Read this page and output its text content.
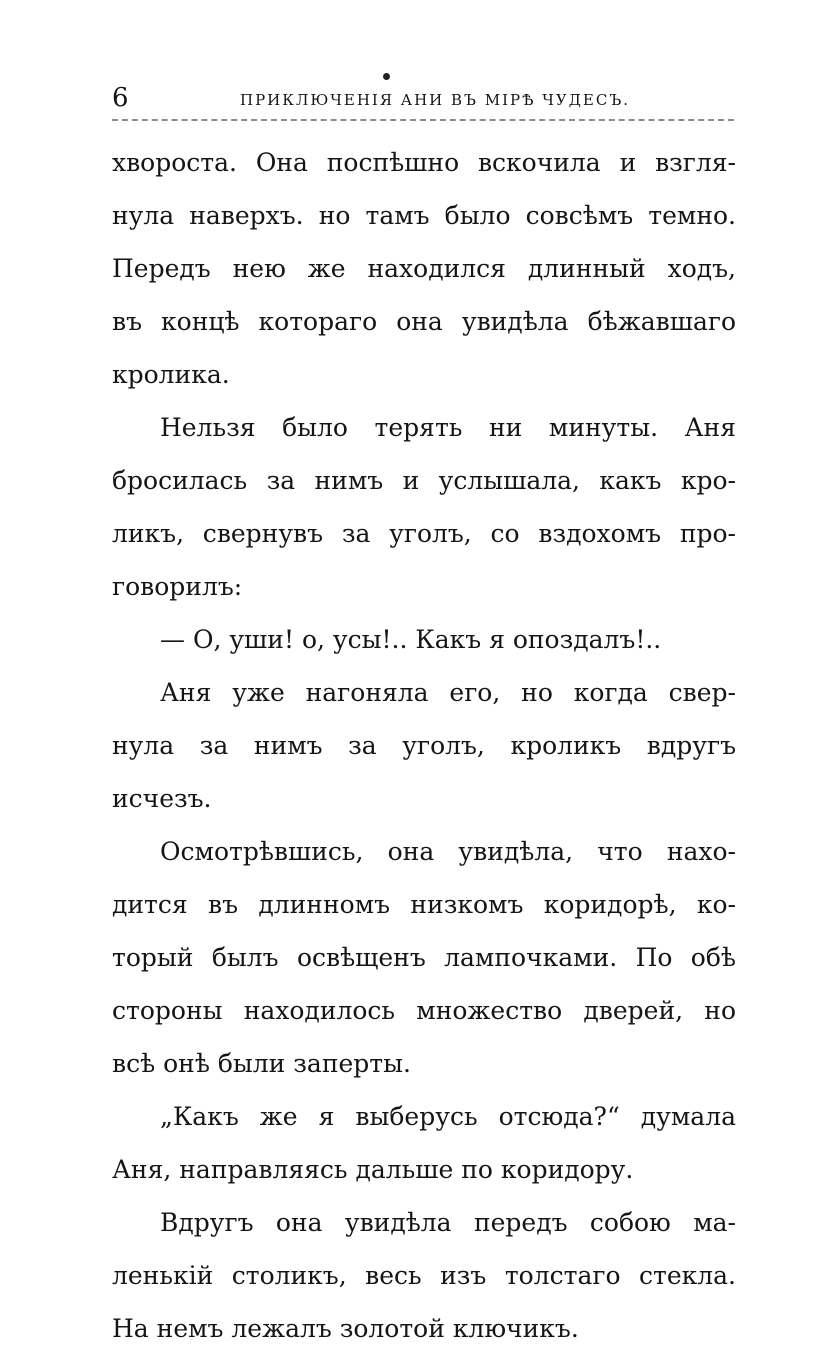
6	ПРИКЛЮЧЕНІЯ АНИ ВЪ МІРѢ ЧУДЕСЪ.
хвороста. Она поспѣшно вскочила и взгля-
нула наверхъ. но тамъ было совсѣмъ темно.
Передъ нею же находился длинный ходъ,
въ концѣ котораго она увидѣла бѣжавшаго
кролика.
Нельзя было терять ни минуты. Аня
бросилась за нимъ и услышала, какъ кро-
ликъ, свернувъ за уголъ, со вздохомъ про-
говорилъ:
— О, уши! о, усы!.. Какъ я опоздалъ!..
Аня уже нагоняла его, но когда свер-
нула за нимъ за уголъ, кроликъ вдругъ
исчезъ.
Осмотрѣвшись, она увидѣла, что нахо-
дится въ длинномъ низкомъ коридорѣ, ко-
торый былъ освѣщенъ лампочками. По обѣ
стороны находилось множество дверей, но
всѣ онѣ были заперты.
„Какъ же я выберусь отсюда?“ думала
Аня, направляясь дальше по коридору.
Вдругъ она увидѣла передъ собою ма-
ленькій столикъ, весь изъ толстаго стекла.
На немъ лежалъ золотой ключикъ.
